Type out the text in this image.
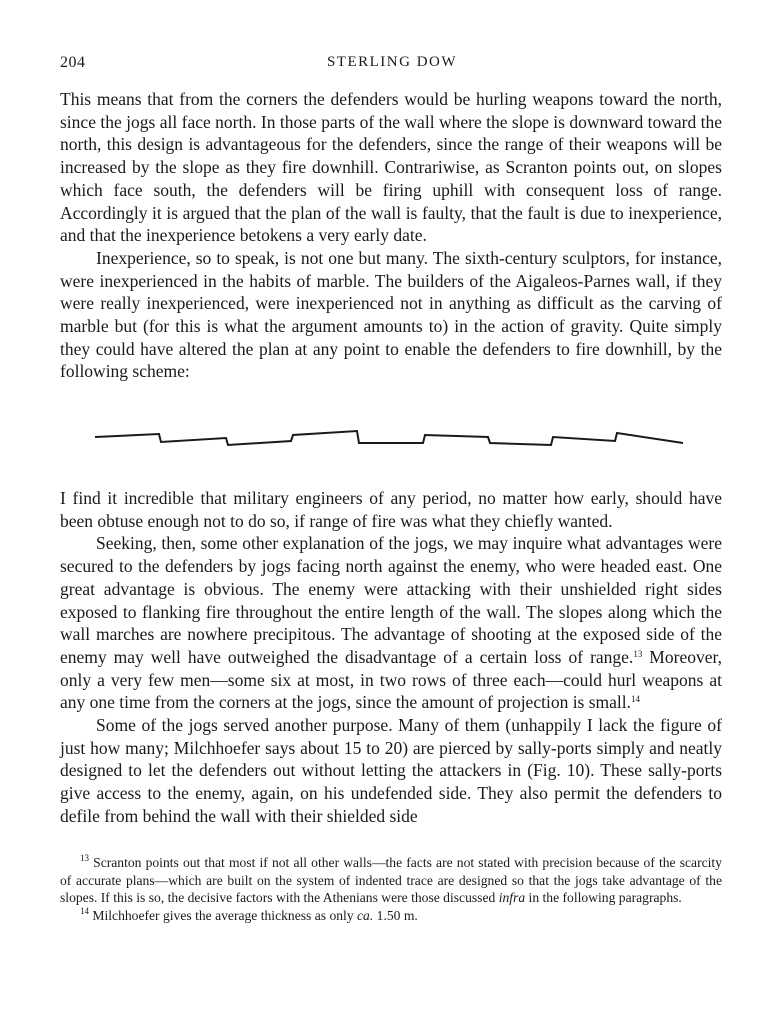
204	STERLING DOW

This means that from the corners the defenders would be hurling weapons toward the north, since the jogs all face north. In those parts of the wall where the slope is downward toward the north, this design is advantageous for the defenders, since the range of their weapons will be increased by the slope as they fire downhill. Contrariwise, as Scranton points out, on slopes which face south, the defenders will be firing uphill with consequent loss of range. Accordingly it is argued that the plan of the wall is faulty, that the fault is due to inexperience, and that the inexperience betokens a very early date.

Inexperience, so to speak, is not one but many. The sixth-century sculptors, for instance, were inexperienced in the habits of marble. The builders of the Aigaleos-Parnes wall, if they were really inexperienced, were inexperienced not in anything as difficult as the carving of marble but (for this is what the argument amounts to) in the action of gravity. Quite simply they could have altered the plan at any point to enable the defenders to fire downhill, by the following scheme:

I find it incredible that military engineers of any period, no matter how early, should have been obtuse enough not to do so, if range of fire was what they chiefly wanted.

Seeking, then, some other explanation of the jogs, we may inquire what advantages were secured to the defenders by jogs facing north against the enemy, who were headed east. One great advantage is obvious. The enemy were attacking with their unshielded right sides exposed to flanking fire throughout the entire length of the wall. The slopes along which the wall marches are nowhere precipitous. The advantage of shooting at the exposed side of the enemy may well have outweighed the disadvantage of a certain loss of range.$^{13}$ Moreover, only a very few men—some six at most, in two rows of three each—could hurl weapons at any one time from the corners at the jogs, since the amount of projection is small.$^{14}$

Some of the jogs served another purpose. Many of them (unhappily I lack the figure of just how many; Milchhoefer says about 15 to 20) are pierced by sally-ports simply and neatly designed to let the defenders out without letting the attackers in (Fig. 10). These sally-ports give access to the enemy, again, on his undefended side. They also permit the defenders to defile from behind the wall with their shielded side

$^{13}$ Scranton points out that most if not all other walls—the facts are not stated with precision because of the scarcity of accurate plans—which are built on the system of indented trace are designed so that the jogs take advantage of the slopes. If this is so, the decisive factors with the Athenians were those discussed infra in the following paragraphs.

$^{14}$ Milchhoefer gives the average thickness as only ca. 1.50 m.
